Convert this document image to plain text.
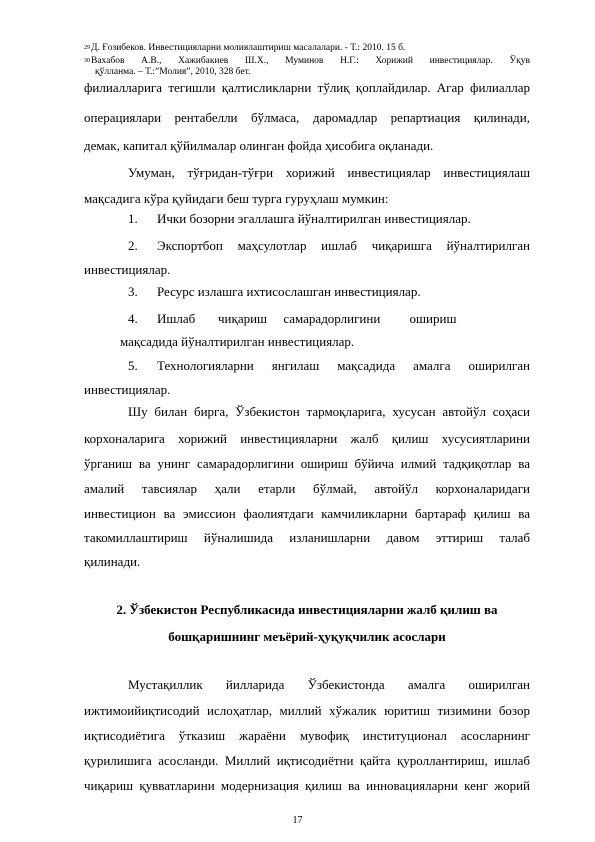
$^{29}$Д. Ғозибеков. Инвестицияларни молиялаштириш масалалари. - Т.: 2010. 15 б.
$^{30}$Вахабов А.В., Хажибакиев Ш.Х., Муминов Н.Г.: Хорижий инвестициялар. Ўқув
қўлланма. – Т.:”Молия”, 2010, 328 бет.
филиалларига тегишли қалтисликларни тўлиқ қоплайдилар. Агар филиаллар
операциялари рентабелли бўлмаса, даромадлар репартиация қилинади,
демак, капитал қўйилмалар олинган фойда ҳисобига оқланади.
Умуман, тўғридан-тўғри хорижий инвестициялар инвестициялаш
мақсадига кўра қуйидаги беш турга гуруҳлаш мумкин:
1. Ички бозорни эгаллашга йўналтирилган инвестициялар.
2. Экспортбоп маҳсулотлар ишлаб чиқаришга йўналтирилган
инвестициялар.
3. Ресурс излашга ихтисослашган инвестициялар.
4. Ишлаб       чиқариш     самарадорлигини         ошириш
мақсадида йўналтирилган инвестициялар.
5. Технологияларни янгилаш мақсадида амалга оширилган
инвестициялар.
Шу билан бирга, Ўзбекистон тармоқларига, хусусан автойўл соҳаси
корхоналарига хорижий инвестицияларни жалб қилиш хусусиятларини
ўрганиш ва унинг самарадорлигини ошириш бўйича илмий тадқиқотлар ва
амалий тавсиялар ҳали етарли бўлмай, автойўл корхоналаридаги
инвестицион ва эмиссион фаолиятдаги камчиликларни бартараф қилиш ва
такомиллаштириш йўналишида изланишларни давом эттириш талаб
қилинади.
2. Ўзбекистон Республикасида инвестицияларни жалб қилиш ва
бошқаришнинг меъёрий-ҳуқуқчилик асослари
Мустақиллик йилларида Ўзбекистонда амалга оширилган
ижтимоийиқтисодий ислоҳатлар, миллий хўжалик юритиш тизимини бозор
иқтисодиётига ўтказиш жараёни мувофиқ институционал асосларнинг
қурилишига асосланди. Миллий иқтисодиётни қайта қуроллантириш, ишлаб
чиқариш қувватларини модернизация қилиш ва инновацияларни кенг жорий
17
